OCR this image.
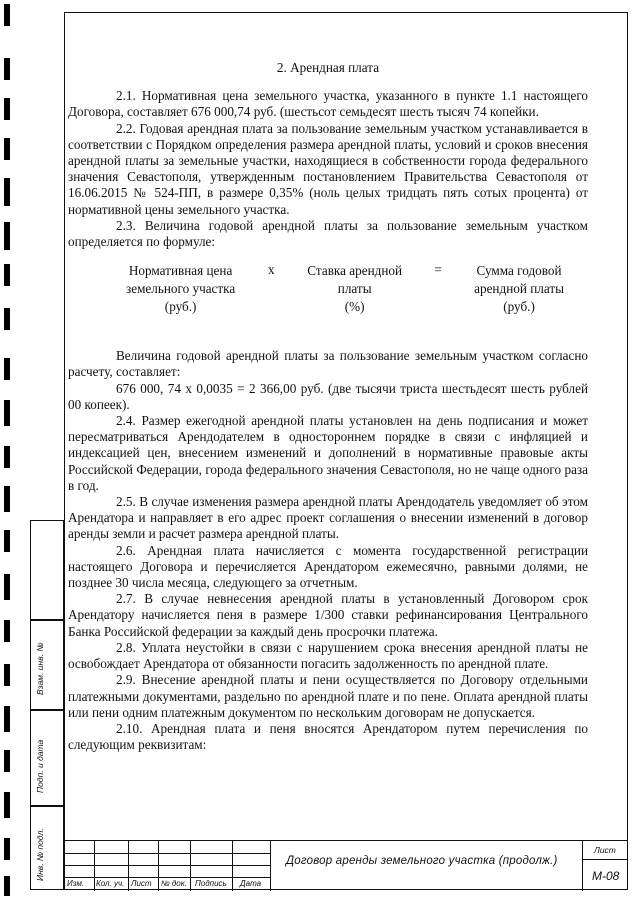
Взам. инв. №
Подп. и дата
Инв. № подл.

2. Арендная плата

2.1. Нормативная цена земельного участка, указанного в пункте 1.1 настоящего Договора, составляет 676 000,74 руб. (шестьсот семьдесят шесть тысяч 74 копейки.

2.2. Годовая арендная плата за пользование земельным участком устанавливается в соответствии с Порядком определения размера арендной платы, условий и сроков внесения арендной платы за земельные участки, находящиеся в собственности города федерального значения Севастополя, утвержденным постановлением Правительства Севастополя от 16.06.2015 № 524-ПП, в размере 0,35% (ноль целых тридцать пять сотых процента) от нормативной цены земельного участка.

2.3. Величина годовой арендной платы за пользование земельным участком определяется по формуле:

Нормативная цена
земельного участка
(руб.)
х	Ставка арендной
платы
(%)
=	Сумма годовой
арендной платы
(руб.)

Величина годовой арендной платы за пользование земельным участком согласно расчету, составляет:

676 000, 74 х 0,0035 = 2 366,00 руб. (две тысячи триста шестьдесят шесть рублей 00 копеек).

2.4. Размер ежегодной арендной платы установлен на день подписания и может пересматриваться Арендодателем в одностороннем порядке в связи с инфляцией и индексацией цен, внесением изменений и дополнений в нормативные правовые акты Российской Федерации, города федерального значения Севастополя, но не чаще одного раза в год.

2.5. В случае изменения размера арендной платы Арендодатель уведомляет об этом Арендатора и направляет в его адрес проект соглашения о внесении изменений в договор аренды земли и расчет размера арендной платы.

2.6. Арендная плата начисляется с момента государственной регистрации настоящего Договора и перечисляется Арендатором ежемесячно, равными долями, не позднее 30 числа месяца, следующего за отчетным.

2.7. В случае невнесения арендной платы в установленный Договором срок Арендатору начисляется пеня в размере 1/300 ставки рефинансирования Центрального Банка Российской федерации за каждый день просрочки платежа.

2.8. Уплата неустойки в связи с нарушением срока внесения арендной платы не освобождает Арендатора от обязанности погасить задолженность по арендной плате.

2.9. Внесение арендной платы и пени осуществляется по Договору отдельными платежными документами, раздельно по арендной плате и по пене. Оплата арендной платы или пени одним платежным документом по нескольким договорам не допускается.

2.10. Арендная плата и пеня вносятся Арендатором путем перечисления по следующим реквизитам:

Изм. Кол. уч. Лист № док. Подпись Дата
Договор аренды земельного участка (продолж.)
Лист
М-08
